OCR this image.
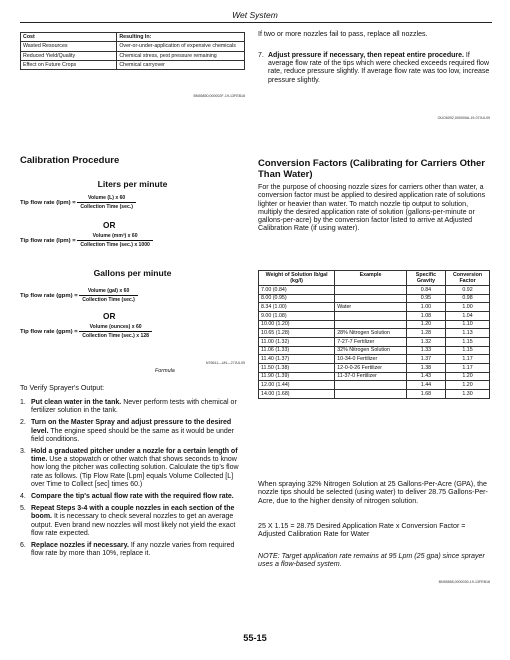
Wet System
Cost	Resulting In:
Wasted Resources	Over-or-under-application of expensive chemicals
Reduced Yield/Quality	Chemical stress, pest pressure remaining
Effect on Future Crops	Chemical carryover
BN55850,000002F-19-13FEB18
If two or more nozzles fail to pass, replace all nozzles.
7. Adjust pressure if necessary, then repeat entire procedure. If average flow rate of the tips which were checked exceeds required flow rate, reduce pressure slightly. If average flow rate was too low, increase pressure slightly.
OUO6092,000000A-19-07JUL09
Calibration Procedure
Liters per minute
Tip flow rate $(lpm) = \frac{\text{Volume (L) x 60}}{\text{Collection Time (sec.)}}$
OR
Tip flow rate $(lpm) = \frac{\text{Volume (mm³) x 60}}{\text{Collection Time (sec.) x 1000}}$
Gallons per minute
Tip flow rate $(gpm) = \frac{\text{Volume (gal) x 60}}{\text{Collection Time (sec.)}}$
OR
Tip flow rate $(gpm) = \frac{\text{Volume (ounces) x 60}}{\text{Collection Time (sec.) x 128}}$
N76611—UN—27JUL05
Formula
To Verify Sprayer's Output:
1. Put clean water in the tank. Never perform tests with chemical or fertilizer solution in the tank.
2. Turn on the Master Spray and adjust pressure to the desired level. The engine speed should be the same as it would be under field conditions.
3. Hold a graduated pitcher under a nozzle for a certain length of time. Use a stopwatch or other watch that shows seconds to know how long the pitcher was collecting solution. Calculate the tip's flow rate as follows. (Tip Flow Rate [Lpm] equals Volume Collected [L] over Time to Collect [sec] times 60.)
4. Compare the tip's actual flow rate with the required flow rate.
5. Repeat Steps 3-4 with a couple nozzles in each section of the boom. It is necessary to check several nozzles to get an average output. Even brand new nozzles will most likely not yield the exact flow rate expected.
6. Replace nozzles if necessary. If any nozzle varies from required flow rate by more than 10%, replace it.
Conversion Factors (Calibrating for Carriers Other Than Water)
For the purpose of choosing nozzle sizes for carriers other than water, a conversion factor must be applied to desired application rate of solutions lighter or heavier than water. To match nozzle tip output to solution, multiply the desired application rate of solution (gallons-per-minute or gallons-per-acre) by the conversion factor listed to arrive at Adjusted Calibration Rate (if using water).
Weight of Solution lb/gal (kg/l)	Example	Specific Gravity	Conversion Factor
7.00 (0.84)		0.84	0.92
8.00 (0.95)		0.95	0.98
8.34 (1.00)	Water	1.00	1.00
9.00 (1.08)		1.08	1.04
10.00 (1.20)		1.20	1.10
10.65 (1.28)	28% Nitrogen Solution	1.28	1.13
11.00 (1.32)	7-27-7 Fertilizer	1.32	1.15
11.06 (1.33)	32% Nitrogen Solution	1.33	1.15
11.40 (1.37)	10-34-0 Fertilizer	1.37	1.17
11.50 (1.38)	12-0-0-26 Fertilizer	1.38	1.17
11.90 (1.39)	11-37-0 Fertilizer	1.43	1.20
12.00 (1.44)		1.44	1.20
14.00 (1.68)		1.68	1.30
When spraying 32% Nitrogen Solution at 25 Gallons-Per-Acre (GPA), the nozzle tips should be selected (using water) to deliver 28.75 Gallons-Per-Acre, due to the higher density of nitrogen solution.
25 X 1.15 = 28.75 Desired Application Rate x Conversion Factor = Adjusted Calibration Rate for Water
NOTE: Target application rate remains at 95 Lpm (25 gpa) since sprayer uses a flow-based system.
BN55858,0000030-19-13FEB18
55-15
